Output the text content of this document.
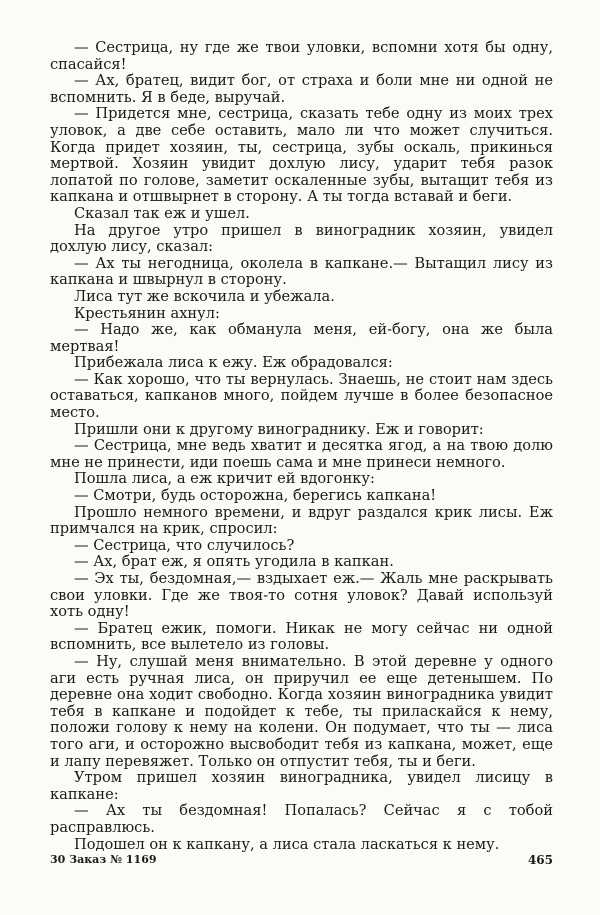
— Сестрица, ну где же твои уловки, вспомни хотя бы одну, спасайся!

— Ах, братец, видит бог, от страха и боли мне ни одной не вспомнить. Я в беде, выручай.

— Придется мне, сестрица, сказать тебе одну из моих трех уловок, а две себе оставить, мало ли что может случиться. Когда придет хозяин, ты, сестрица, зубы оскаль, прикинься мертвой. Хозяин увидит дохлую лису, ударит тебя разок лопатой по голове, заметит оскаленные зубы, вытащит тебя из капкана и отшвырнет в сторону. А ты тогда вставай и беги.

Сказал так еж и ушел.

На другое утро пришел в виноградник хозяин, увидел дохлую лису, сказал:

— Ах ты негодница, околела в капкане.— Вытащил лису из капкана и швырнул в сторону.

Лиса тут же вскочила и убежала.

Крестьянин ахнул:

— Надо же, как обманула меня, ей-богу, она же была мертвая!

Прибежала лиса к ежу. Еж обрадовался:

— Как хорошо, что ты вернулась. Знаешь, не стоит нам здесь оставаться, капканов много, пойдем лучше в более безопасное место.

Пришли они к другому винограднику. Еж и говорит:

— Сестрица, мне ведь хватит и десятка ягод, а на твою долю мне не принести, иди поешь сама и мне принеси немного.

Пошла лиса, а еж кричит ей вдогонку:

— Смотри, будь осторожна, берегись капкана!

Прошло немного времени, и вдруг раздался крик лисы. Еж примчался на крик, спросил:

— Сестрица, что случилось?

— Ах, брат еж, я опять угодила в капкан.

— Эх ты, бездомная,— вздыхает еж.— Жаль мне раскрывать свои уловки. Где же твоя-то сотня уловок? Давай используй хоть одну!

— Братец ежик, помоги. Никак не могу сейчас ни одной вспомнить, все вылетело из головы.

— Ну, слушай меня внимательно. В этой деревне у одного аги есть ручная лиса, он приручил ее еще детенышем. По деревне она ходит свободно. Когда хозяин виноградника увидит тебя в капкане и подойдет к тебе, ты приласкайся к нему, положи голову к нему на колени. Он подумает, что ты — лиса того аги, и осторожно высвободит тебя из капкана, может, еще и лапу перевяжет. Только он отпустит тебя, ты и беги.

Утром пришел хозяин виноградника, увидел лисицу в капкане:

— Ах ты бездомная! Попалась? Сейчас я с тобой расправлюсь.

Подошел он к капкану, а лиса стала ласкаться к нему.

30 Заказ № 1169	465
